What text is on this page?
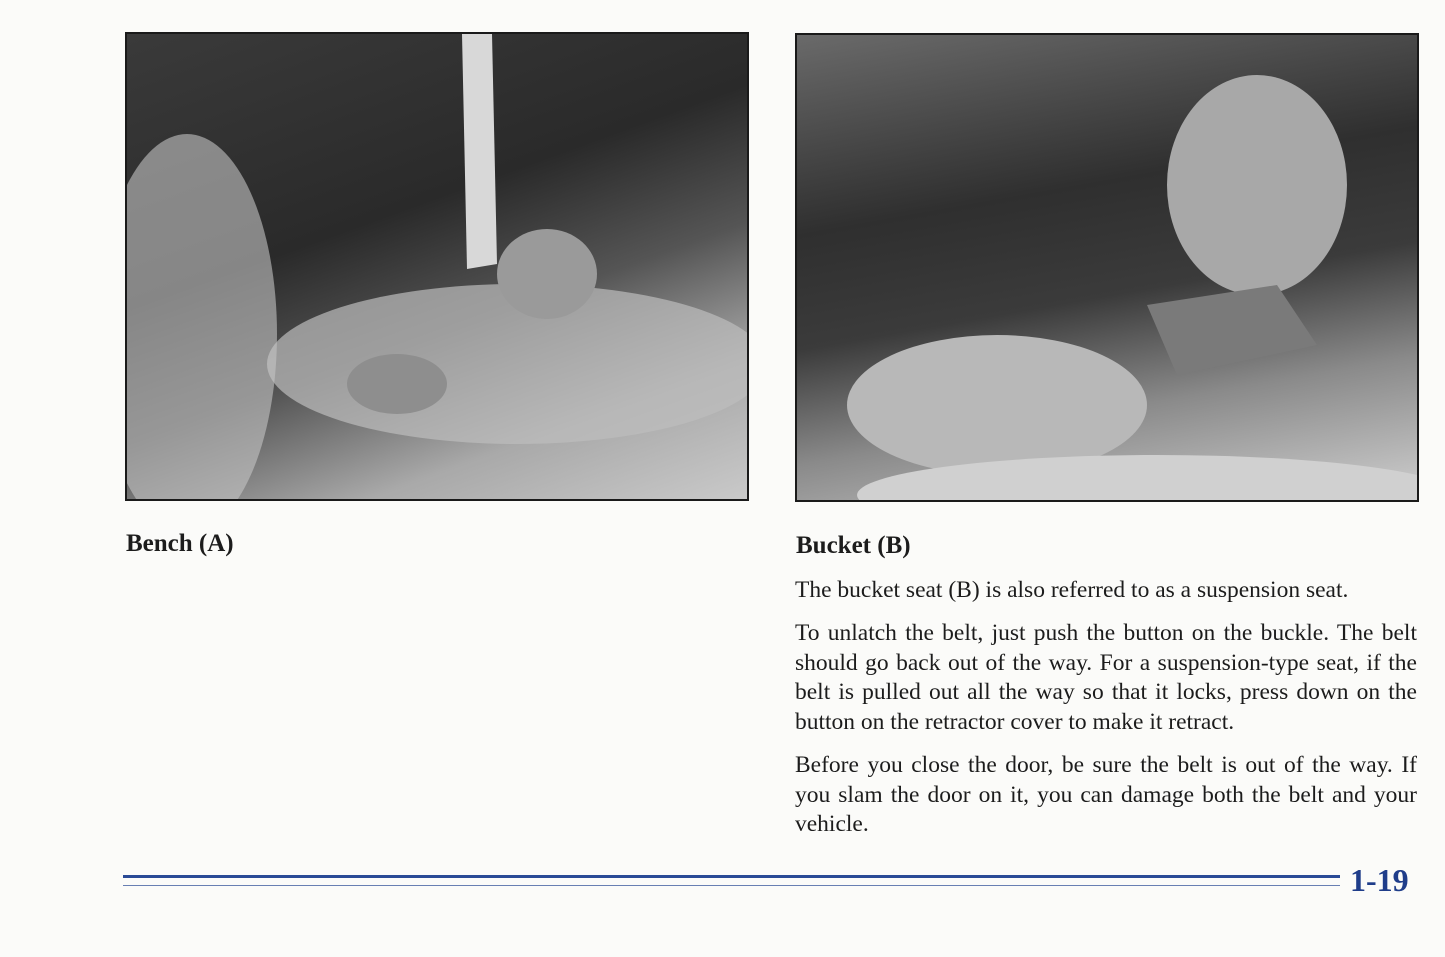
Bench (A)	Bucket (B)

The bucket seat (B) is also referred to as a suspension seat.

To unlatch the belt, just push the button on the buckle. The belt should go back out of the way. For a suspension-type seat, if the belt is pulled out all the way so that it locks, press down on the button on the retractor cover to make it retract.

Before you close the door, be sure the belt is out of the way. If you slam the door on it, you can damage both the belt and your vehicle.

1-19
